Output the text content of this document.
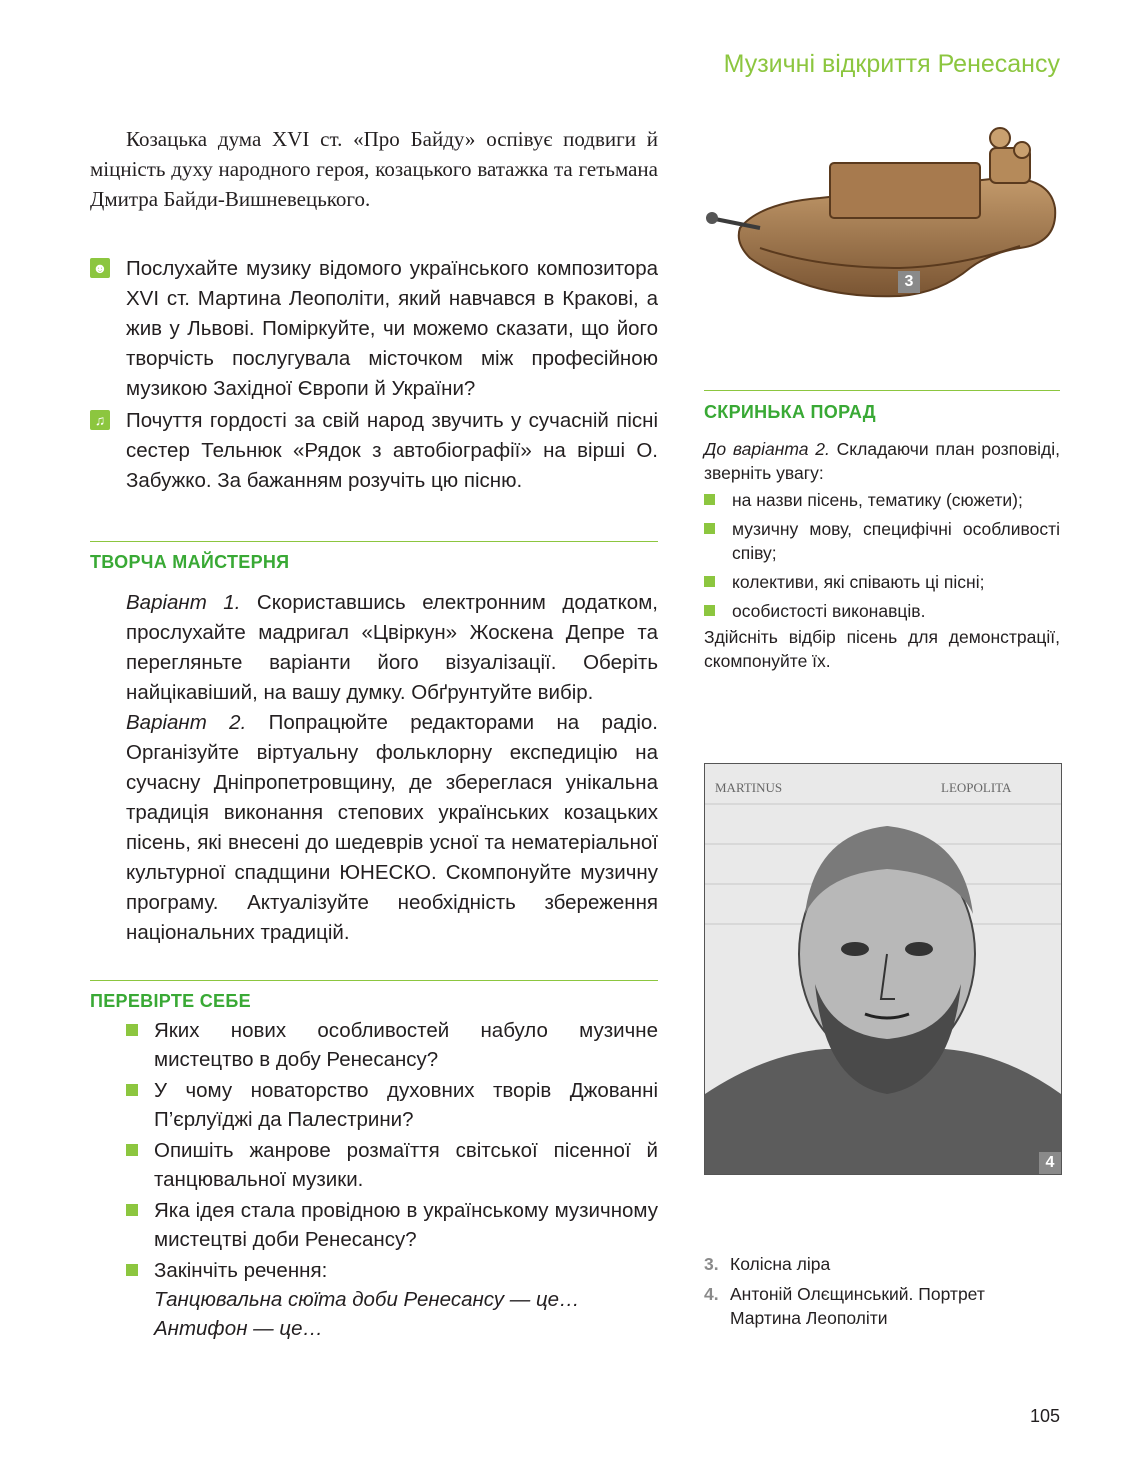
Музичні відкриття Ренесансу

Козацька дума XVI ст. «Про Байду» оспівує подвиги й міцність духу народного героя, козацького ватажка та гетьмана Дмитра Байди-Вишневецького.

☻ Послухайте музику відомого українського композитора XVI ст. Мартина Леополіти, який навчався в Кракові, а жив у Львові. Поміркуйте, чи можемо сказати, що його творчість послугувала місточком між професійною музикою Західної Європи й України?
♫ Почуття гордості за свій народ звучить у сучасній пісні сестер Тельнюк «Рядок з автобіографії» на вірші О. Забужко. За бажанням розучіть цю пісню.
ТВОРЧА МАЙСТЕРНЯ

Варіант 1. Скориставшись електронним додатком, прослухайте мадригал «Цвіркун» Жоскена Депре та перегляньте варіанти його візуалізації. Оберіть найцікавіший, на вашу думку. Обґрунтуйте вибір.

Варіант 2. Попрацюйте редакторами на радіо. Організуйте віртуальну фольклорну експедицію на сучасну Дніпропетровщину, де збереглася унікальна традиція виконання степових українських козацьких пісень, які внесені до шедеврів усної та нематеріальної культурної спадщини ЮНЕСКО. Скомпонуйте музичну програму. Актуалізуйте необхідність збереження національних традицій.

ПЕРЕВІРТЕ СЕБЕ
Яких нових особливостей набуло музичне мистецтво в добу Ренесансу?
У чому новаторство духовних творів Джованні П’єрлуїджі да Палестрини?
Опишіть жанрове розмаїття світської пісенної й танцювальної музики.
Яка ідея стала провідною в українському музичному мистецтві доби Ренесансу?
Закінчіть речення:
Танцювальна сюїта доби Ренесансу — це…
Антифон — це…
3
СКРИНЬКА ПОРАД

До варіанта 2. Складаючи план розповіді, зверніть увагу:

на назви пісень, тематику (сюжети);
музичну мову, специфічні особливості співу;
колективи, які співають ці пісні;
особистості виконавців.

Здійсніть відбір пісень для демонстрації, скомпонуйте їх.

MARTINUS	LEOPOLITA
4
3. Колісна ліра
4. Антоній Олєщинський. Портрет Мартина Леополіти
105
